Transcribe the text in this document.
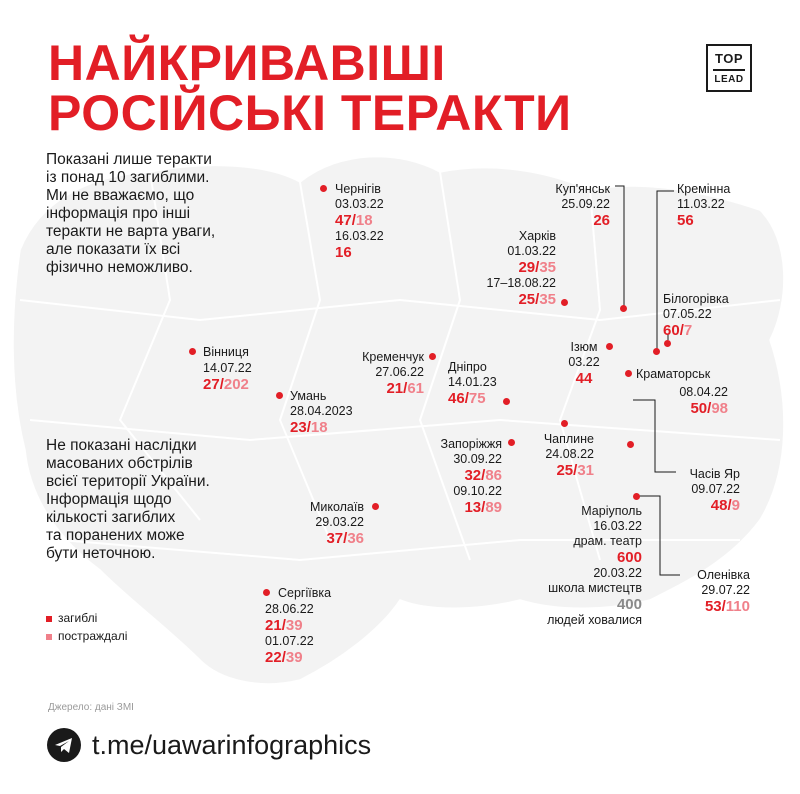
НАЙКРИВАВІШІ
РОСІЙСЬКІ ТЕРАКТИ
TOP
LEAD
Показані лише теракти
із понад 10 загиблими.
Ми не вважаємо, що
інформація про інші
теракти не варта уваги,
але показати їх всі
фізично неможливо.
Не показані наслідки
масованих обстрілів
всієї території України.
Інформація щодо
кількості загиблих
та поранених може
бути неточною.
Чернігів
03.03.22
47/18
16.03.22
16
Куп'янськ
25.09.22
26
Кремінна
11.03.22
56
Харків
01.03.22
29/35
17–18.08.22
25/35	Білогорівка
07.05.22
60/7
Вінниця
14.07.22
27/202
Кременчук
27.06.22
21/61
Дніпро
14.01.23
46/75
Ізюм
03.22
44	Краматорськ
08.04.22
50/98
Умань
28.04.2023
23/18
Запоріжжя
30.09.22
32/86
09.10.22
13/89
Чаплине
24.08.22
25/31	Часів Яр
09.07.22
48/9
Миколаїв
29.03.22
37/36
Маріуполь
16.03.22
драм. театр
600
20.03.22
школа мистецтв
400
людей ховалися
Оленівка
29.07.22
53/110
Сергіївка
28.06.22
21/39
01.07.22
22/39
загиблі
постраждалі
Джерело: дані ЗМІ
t.me/uawarinfographics
